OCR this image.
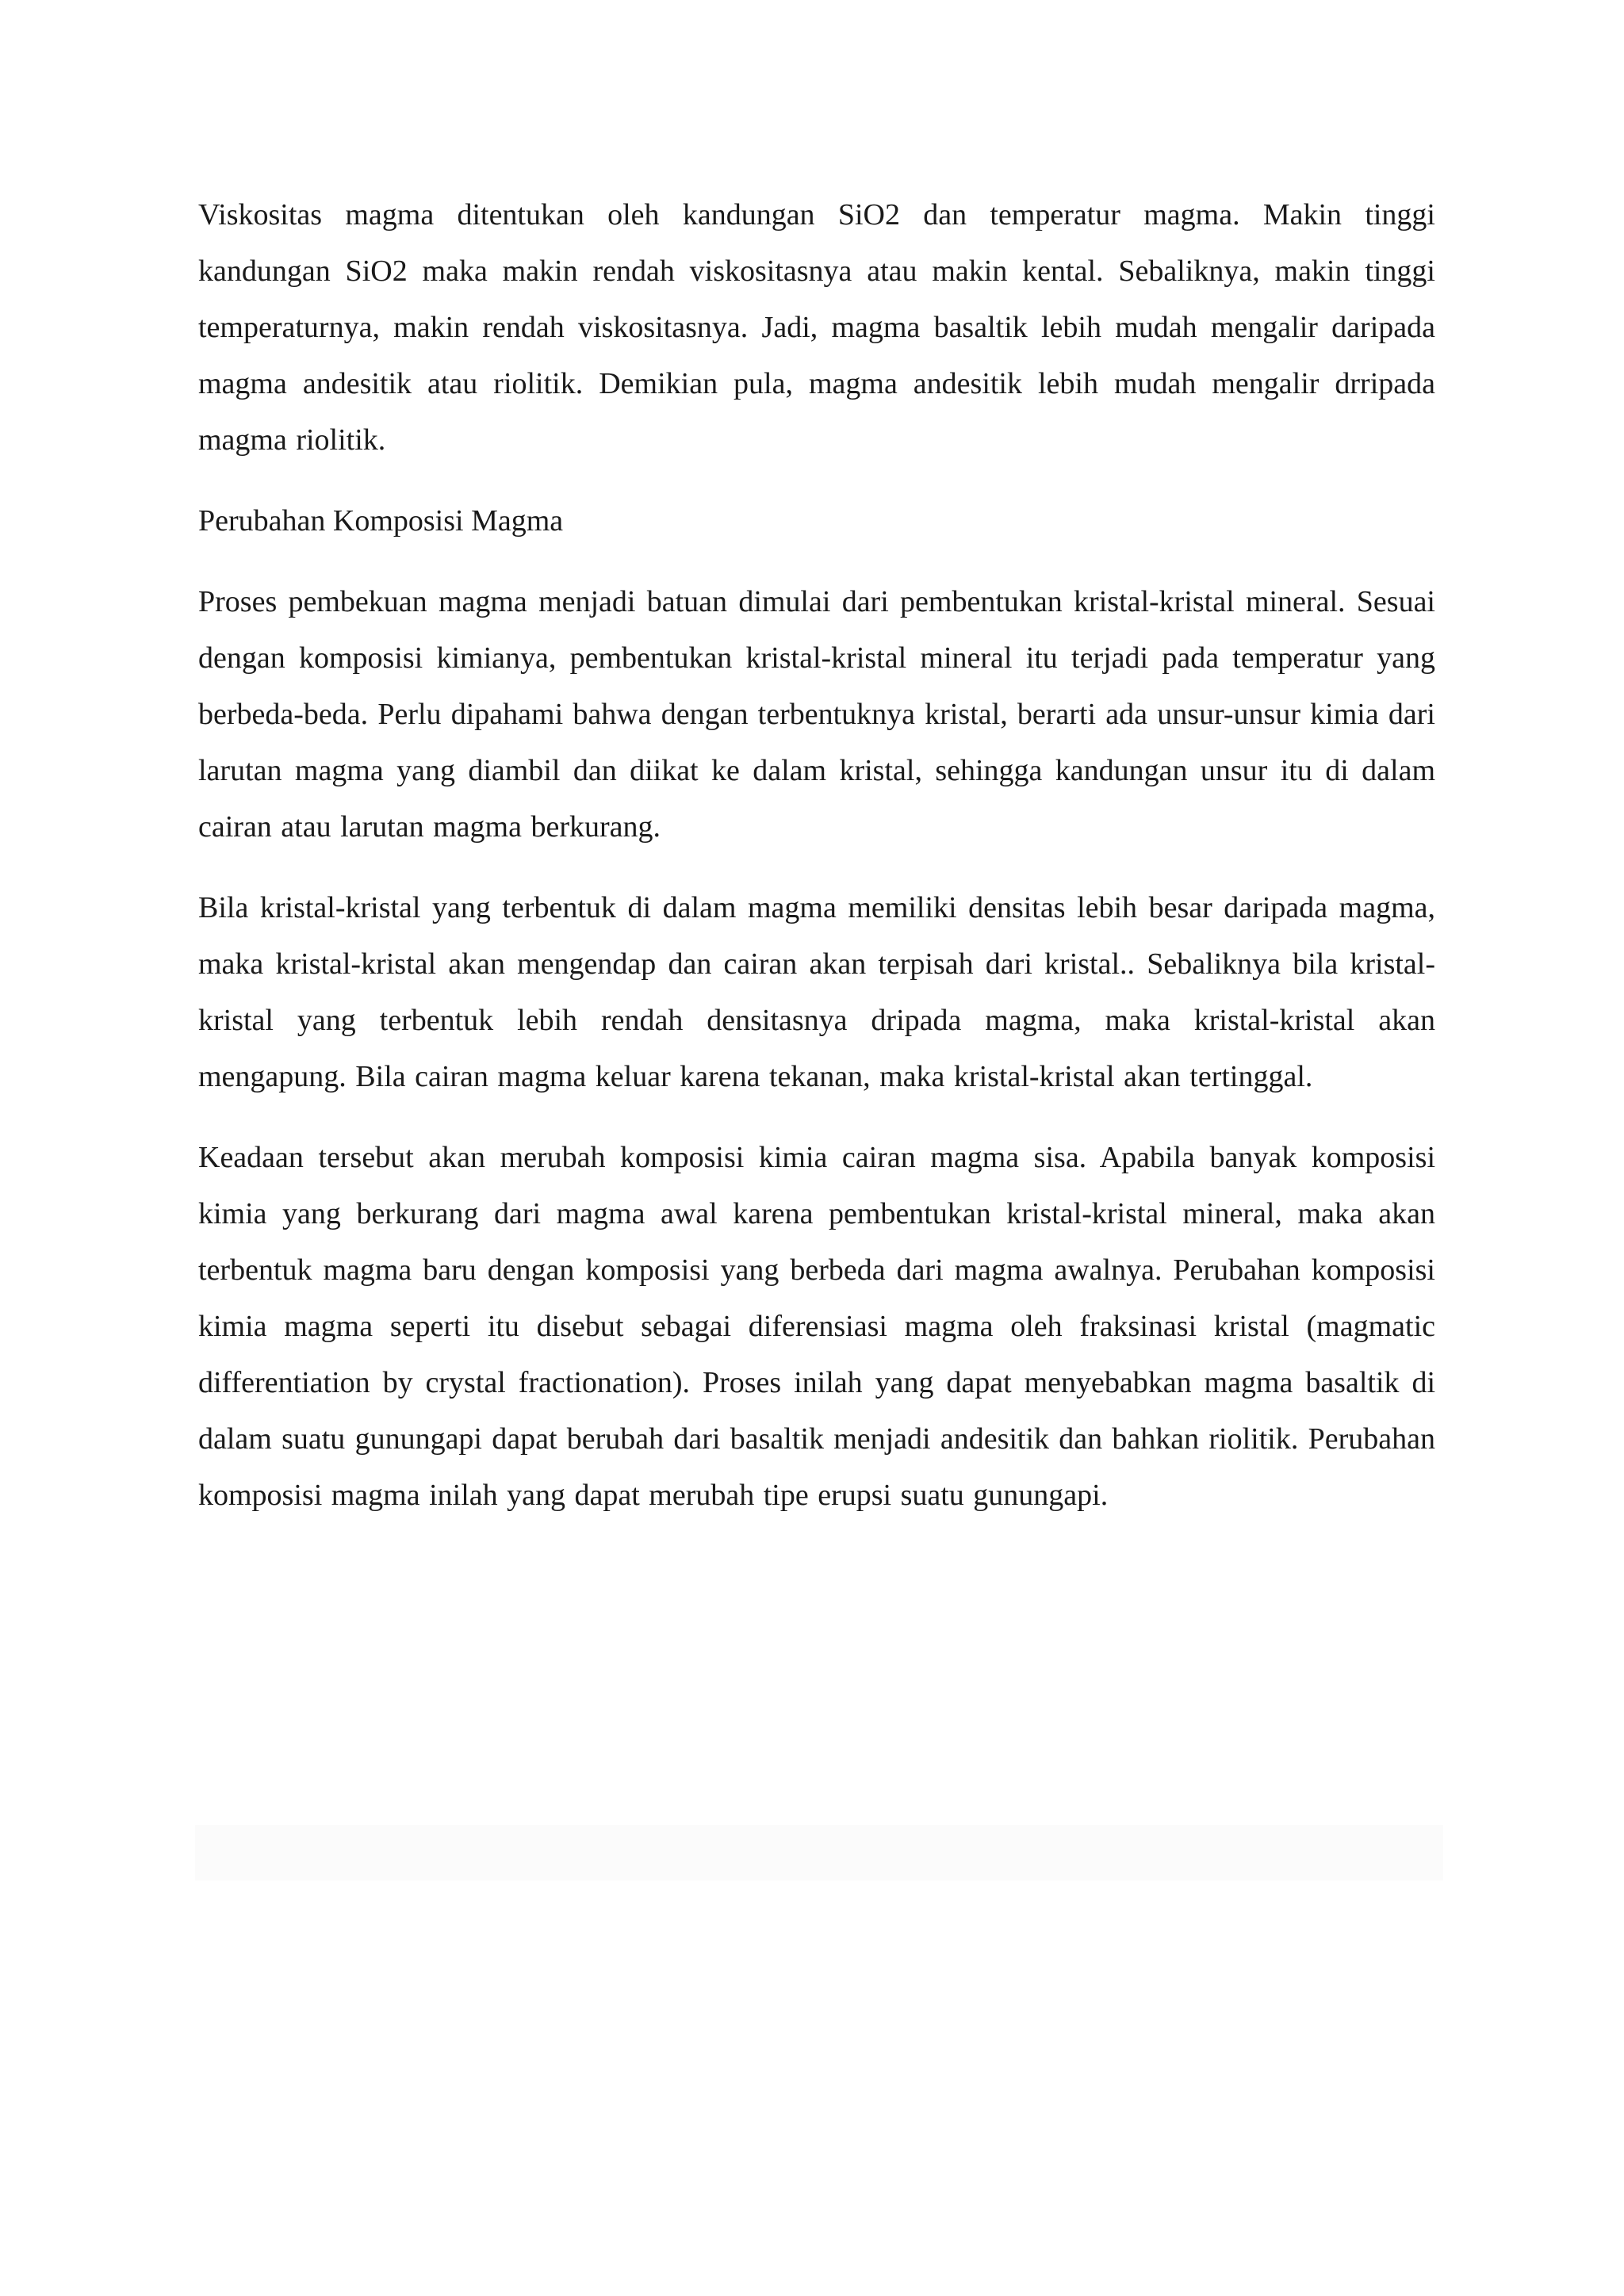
Viskositas magma ditentukan oleh kandungan SiO2 dan temperatur magma. Makin tinggi kandungan SiO2 maka makin rendah viskositasnya atau makin kental. Sebaliknya, makin tinggi temperaturnya, makin rendah viskositasnya. Jadi, magma basaltik lebih mudah mengalir daripada magma andesitik atau riolitik. Demikian pula, magma andesitik lebih mudah mengalir drripada magma riolitik.

Perubahan Komposisi Magma

Proses pembekuan magma menjadi batuan dimulai dari pembentukan kristal-kristal mineral. Sesuai dengan komposisi kimianya, pembentukan kristal-kristal mineral itu terjadi pada temperatur yang berbeda-beda. Perlu dipahami bahwa dengan terbentuknya kristal, berarti ada unsur-unsur kimia dari larutan magma yang diambil dan diikat ke dalam kristal, sehingga kandungan unsur itu di dalam cairan atau larutan magma berkurang.

Bila kristal-kristal yang terbentuk di dalam magma memiliki densitas lebih besar daripada magma, maka kristal-kristal akan mengendap dan cairan akan terpisah dari kristal.. Sebaliknya bila kristal-kristal yang terbentuk lebih rendah densitasnya dripada magma, maka kristal-kristal akan mengapung. Bila cairan magma keluar karena tekanan, maka kristal-kristal akan tertinggal.

Keadaan tersebut akan merubah komposisi kimia cairan magma sisa. Apabila banyak komposisi kimia yang berkurang dari magma awal karena pembentukan kristal-kristal mineral, maka akan terbentuk magma baru dengan komposisi yang berbeda dari magma awalnya. Perubahan komposisi kimia magma seperti itu disebut sebagai diferensiasi magma oleh fraksinasi kristal (magmatic differentiation by crystal fractionation). Proses inilah yang dapat menyebabkan magma basaltik di dalam suatu gunungapi dapat berubah dari basaltik menjadi andesitik dan bahkan riolitik. Perubahan komposisi magma inilah yang dapat merubah tipe erupsi suatu gunungapi.
